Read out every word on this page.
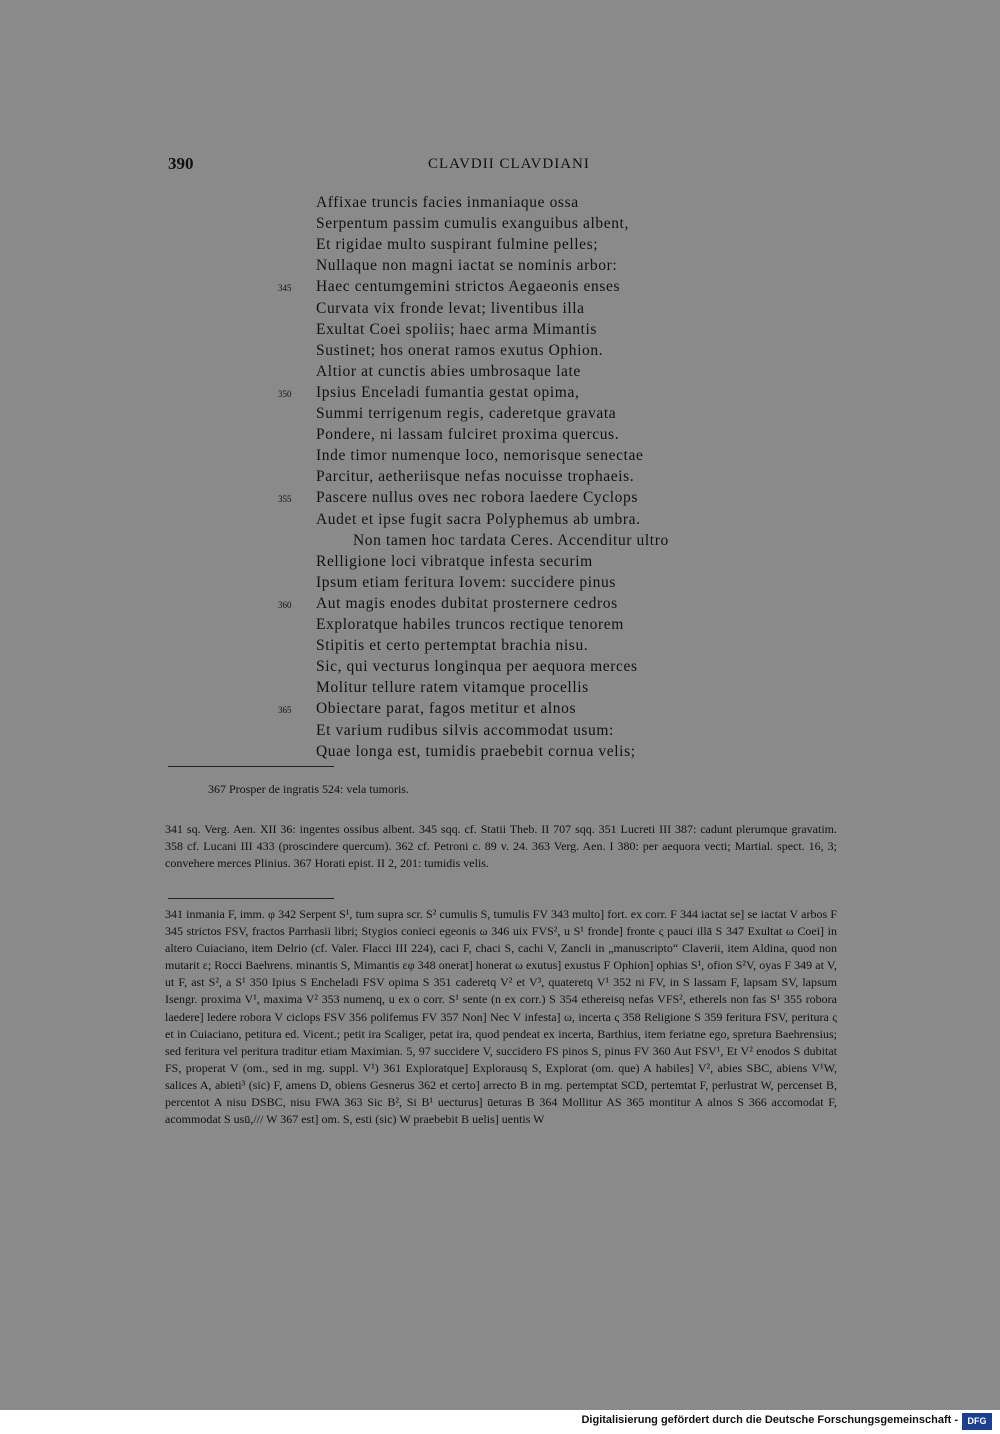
390	CLAVDII CLAVDIANI
Affixae truncis facies inmaniaque ossa
Serpentum passim cumulis exanguibus albent,
Et rigidae multo suspirant fulmine pelles;
Nullaque non magni iactat se nominis arbor:
Haec centumgemini strictos Aegaeonis enses
345
Curvata vix fronde levat; liventibus illa
Exultat Coei spoliis; haec arma Mimantis
Sustinet; hos onerat ramos exutus Ophion.
Altior at cunctis abies umbrosaque late
Ipsius Enceladi fumantia gestat opima,
350
Summi terrigenum regis, caderetque gravata
Pondere, ni lassam fulciret proxima quercus.
Inde timor numenque loco, nemorisque senectae
Parcitur, aetheriisque nefas nocuisse trophaeis.
Pascere nullus oves nec robora laedere Cyclops
355
Audet et ipse fugit sacra Polyphemus ab umbra.
Non tamen hoc tardata Ceres. Accenditur ultro
Relligione loci vibratque infesta securim
Ipsum etiam feritura Iovem: succidere pinus
Aut magis enodes dubitat prosternere cedros
360
Exploratque habiles truncos rectique tenorem
Stipitis et certo pertemptat brachia nisu.
Sic, qui vecturus longinqua per aequora merces
Molitur tellure ratem vitamque procellis
Obiectare parat, fagos metitur et alnos
365
Et varium rudibus silvis accommodat usum:
Quae longa est, tumidis praebebit cornua velis;
367 Prosper de ingratis 524: vela tumoris.
341 sq. Verg. Aen. XII 36: ingentes ossibus albent. 345 sqq. cf. Statii Theb. II 707 sqq. 351 Lucreti III 387: cadunt plerumque gravatim. 358 cf. Lucani III 433 (proscindere quercum). 362 cf. Petroni c. 89 v. 24. 363 Verg. Aen. I 380: per aequora vecti; Martial. spect. 16, 3; convehere merces Plinius. 367 Horati epist. II 2, 201: tumidis velis.
341 inmania F, imm. φ 342 Serpent S¹, tum supra scr. S² cumulis S, tumulis FV 343 multo] fort. ex corr. F 344 iactat se] se iactat V arbos F 345 strictos FSV, fractos Parrhasii libri; Stygios conieci egeonis ω 346 uix FVS², u S¹ fronde] fronte ς pauci illā S 347 Exultat ω Coei] in altero Cuiaciano, item Delrio (cf. Valer. Flacci III 224), caci F, chaci S, cachi V, Zancli in „manuscripto“ Claverii, item Aldina, quod non mutarit ε; Rocci Baehrens. minantis S, Mimantis εφ 348 onerat] honerat ω exutus] exustus F Ophion] ophias S¹, ofion S²V, oyas F 349 at V, ut F, ast S², a S¹ 350 Ipius S Encheladi FSV opima S 351 caderetq V² et V³, quateretq V¹ 352 ni FV, in S lassam F, lapsam SV, lapsum Isengr. proxima V¹, maxima V² 353 numenq, u ex o corr. S¹ sente (n ex corr.) S 354 ethereisq nefas VFS², etherels non fas S¹ 355 robora laedere] ledere robora V ciclops FSV 356 polifemus FV 357 Non] Nec V infesta] ω, incerta ς 358 Religione S 359 feritura FSV, peritura ς et in Cuiaciano, petitura ed. Vicent.; petit ira Scaliger, petat ira, quod pendeat ex incerta, Barthius, item feriatne ego, spretura Baehrensius; sed feritura vel peritura traditur etiam Maximian. 5, 97 succidere V, succidero FS pinos S, pinus FV 360 Aut FSV¹, Et V² enodos S dubitat FS, properat V (om., sed in mg. suppl. V¹) 361 Exploratque] Explorausq S, Explorat (om. que) A habiles] V², abies SBC, abiens V¹W, salices A, abieti³ (sic) F, amens D, obiens Gesnerus 362 et certo] arrecto B in mg. pertemptat SCD, pertemtat F, perlustrat W, percenset B, percentot A nisu DSBC, nisu FWA 363 Sic B², Si B¹ uecturus] ūeturas B 364 Mollitur AS 365 montitur A alnos S 366 accomodat F, acommodat S usū,/// W 367 est] om. S, esti (sic) W praebebit B uelis] uentis W
Digitalisierung gefördert durch die Deutsche Forschungsgemeinschaft -	DFG
